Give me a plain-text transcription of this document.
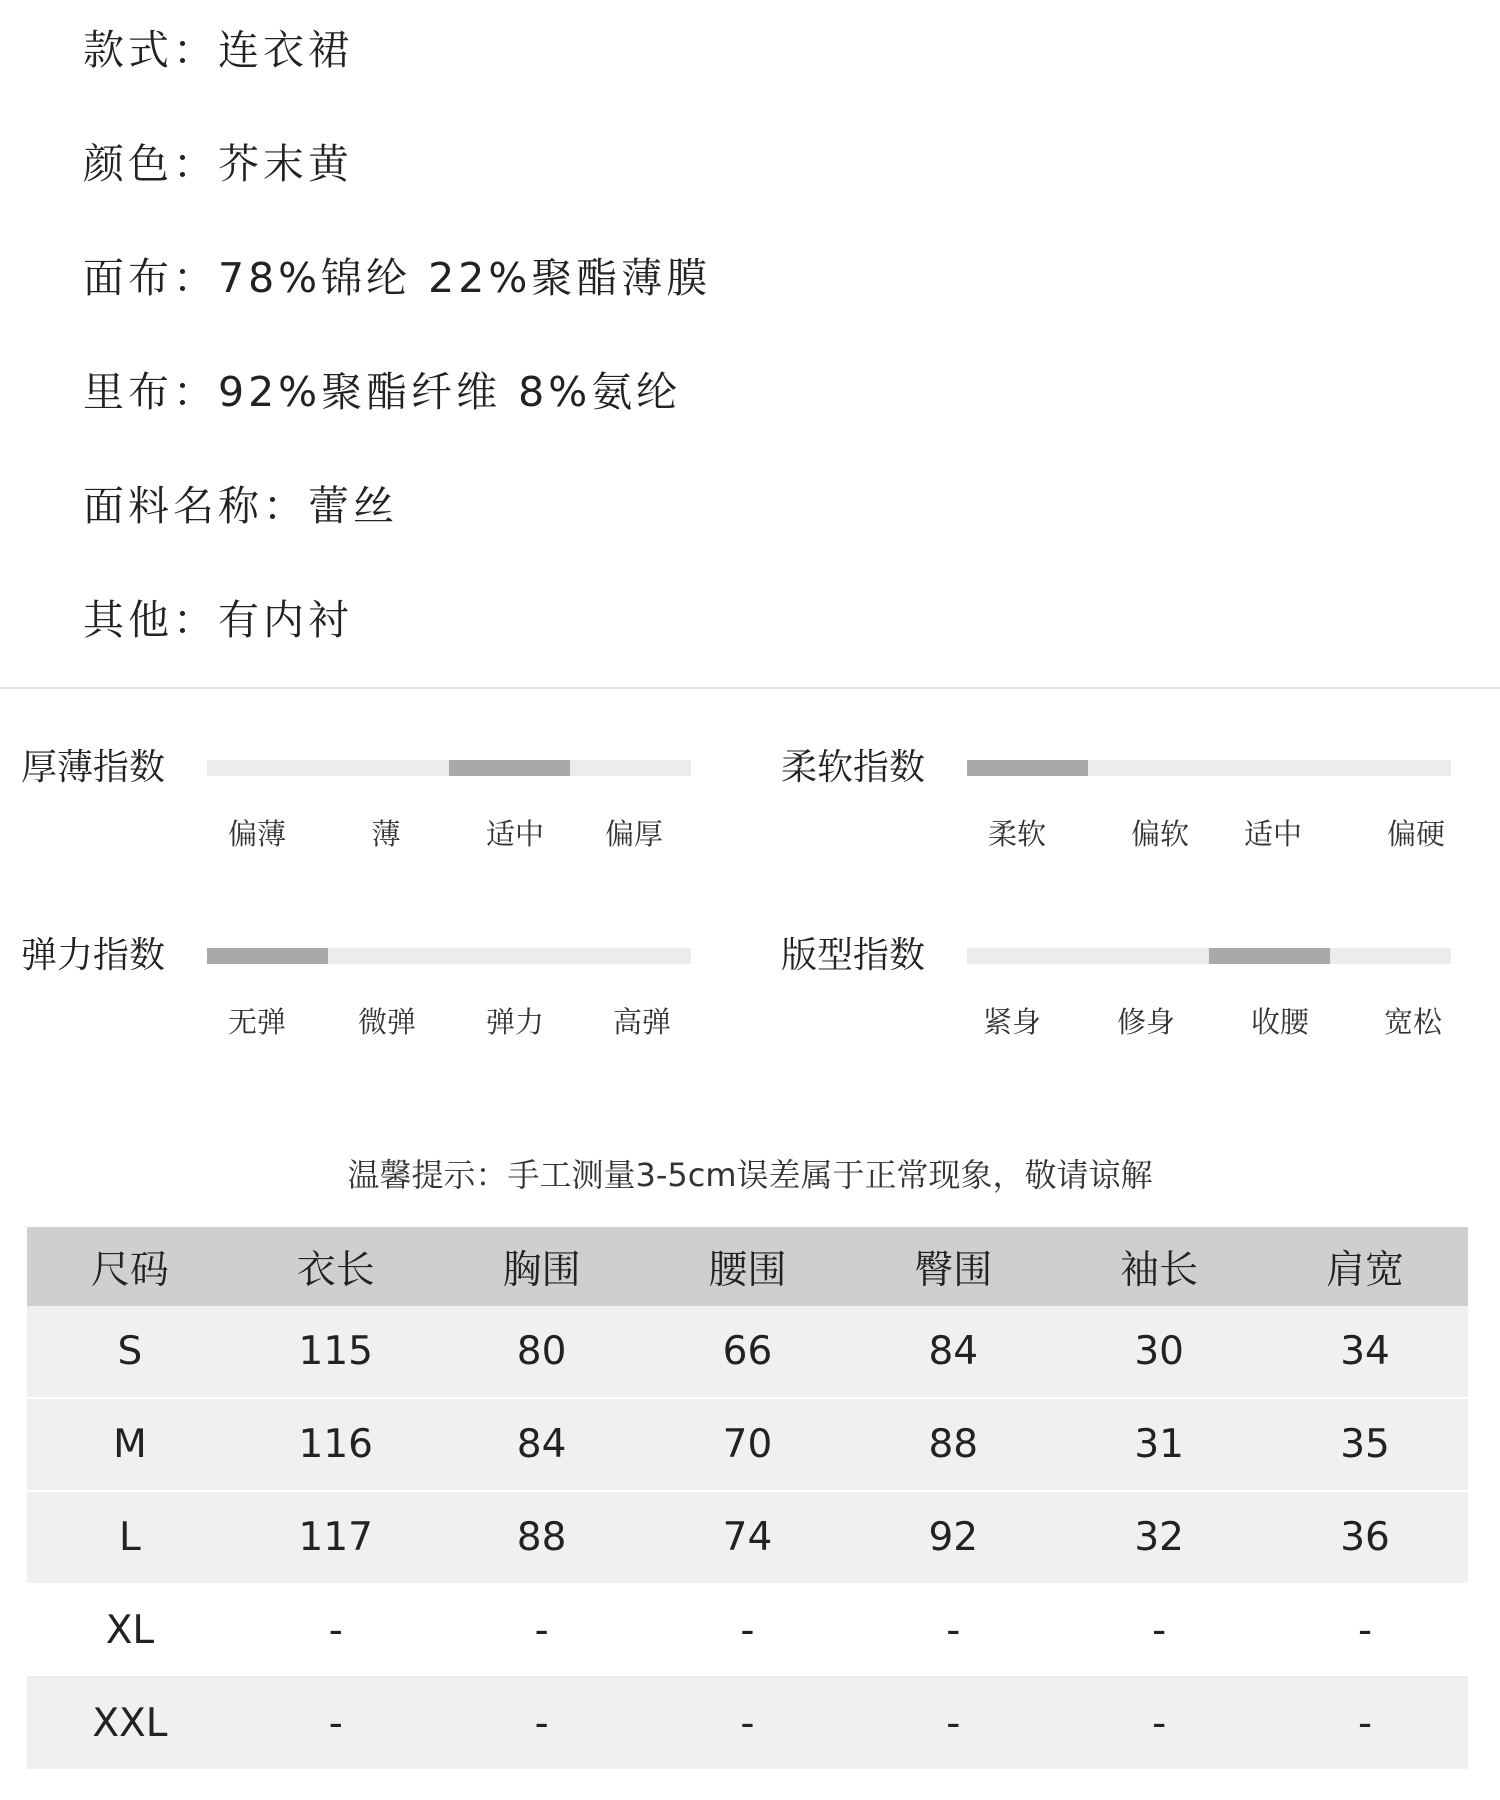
款式：连衣裙
颜色：芥末黄
面布：78%锦纶 22%聚酯薄膜
里布：92%聚酯纤维 8%氨纶
面料名称：蕾丝
其他：有内衬
厚薄指数
偏薄	薄	适中	偏厚
柔软指数
柔软	偏软	适中	偏硬
弹力指数
无弹	微弹	弹力	高弹
版型指数
紧身	修身	收腰	宽松
温馨提示：手工测量3-5cm误差属于正常现象，敬请谅解
尺码	衣长	胸围	腰围	臀围	袖长	肩宽
S	115	80	66	84	30	34
M	116	84	70	88	31	35
L	117	88	74	92	32	36
XL	-	-	-	-	-	-
XXL	-	-	-	-	-	-
